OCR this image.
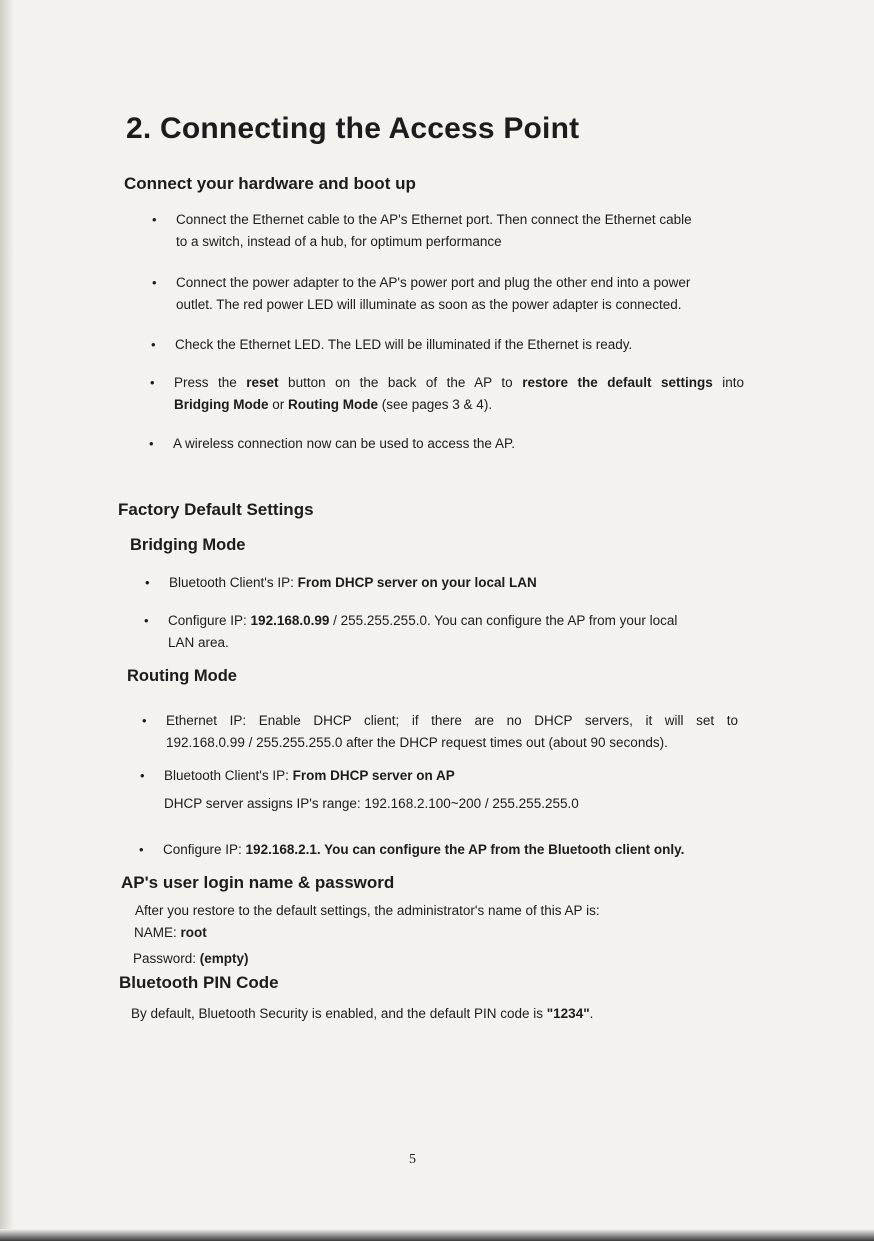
2. Connecting the Access Point
Connect your hardware and boot up
• Connect the Ethernet cable to the AP's Ethernet port. Then connect the Ethernet cable
to a switch, instead of a hub, for optimum performance
• Connect the power adapter to the AP's power port and plug the other end into a power
outlet. The red power LED will illuminate as soon as the power adapter is connected.
• Check the Ethernet LED. The LED will be illuminated if the Ethernet is ready.
• Press the reset button on the back of the AP to restore the default settings into
Bridging Mode or Routing Mode (see pages 3 & 4).
• A wireless connection now can be used to access the AP.
Factory Default Settings
Bridging Mode
• Bluetooth Client's IP: From DHCP server on your local LAN
• Configure IP: 192.168.0.99 / 255.255.255.0. You can configure the AP from your local
LAN area.
Routing Mode
• Ethernet IP: Enable DHCP client; if there are no DHCP servers, it will set to
192.168.0.99 / 255.255.255.0 after the DHCP request times out (about 90 seconds).
• Bluetooth Client's IP: From DHCP server on AP
DHCP server assigns IP's range: 192.168.2.100~200 / 255.255.255.0
• Configure IP: 192.168.2.1. You can configure the AP from the Bluetooth client only.
AP's user login name & password
After you restore to the default settings, the administrator's name of this AP is:
NAME: root
Password: (empty)
Bluetooth PIN Code
By default, Bluetooth Security is enabled, and the default PIN code is "1234".
5
